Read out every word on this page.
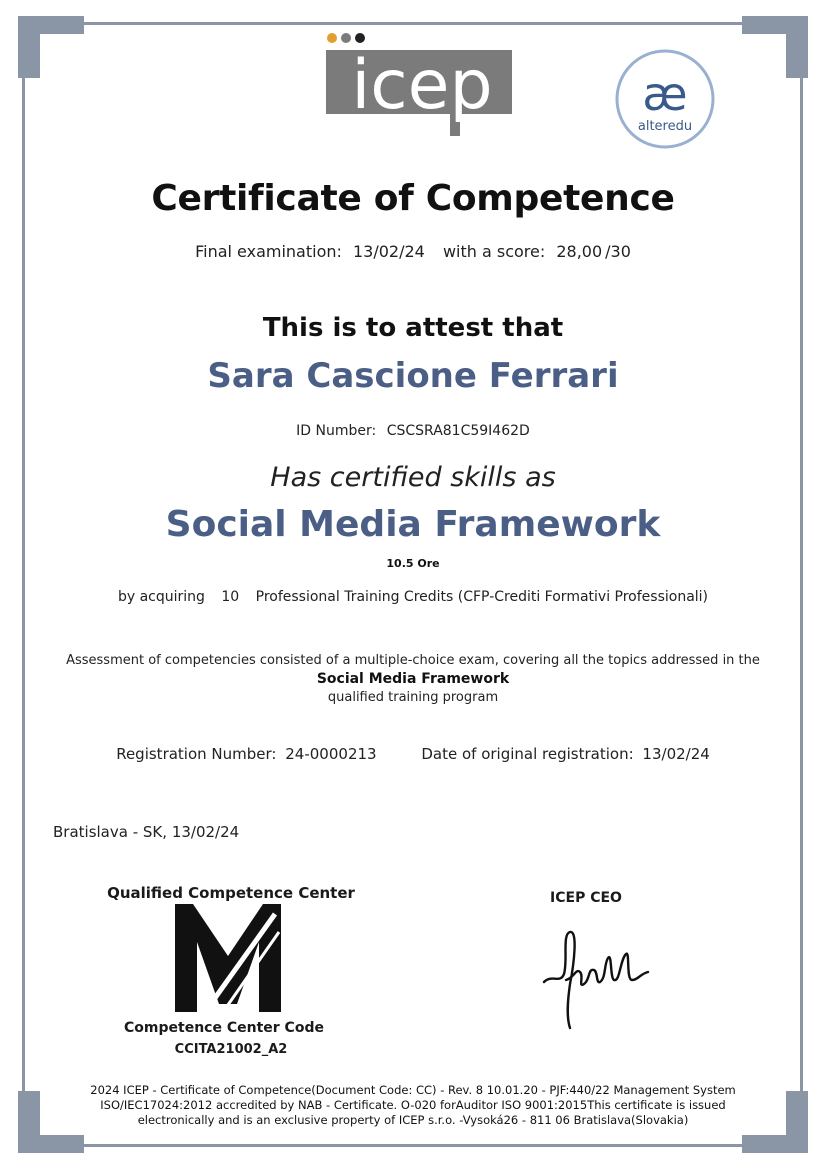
icep	æ
alteredu
Certificate of Competence
Final examination: 13/02/24 with a score: 28,00 /30
This is to attest that
Sara Cascione Ferrari
ID Number: CSCSRA81C59I462D
Has certified skills as
Social Media Framework
10.5 Ore
by acquiring 10 Professional Training Credits (CFP-Crediti Formativi Professionali)
Assessment of competencies consisted of a multiple-choice exam, covering all the topics addressed in the
Social Media Framework
qualified training program
Registration Number: 24-0000213	Date of original registration: 13/02/24
Bratislava - SK, 13/02/24
Qualified Competence Center
Competence Center Code
CCITA21002_A2
ICEP CEO
2024 ICEP - Certificate of Competence(Document Code: CC) - Rev. 8 10.01.20 - PJF:440/22 Management System
ISO/IEC17024:2012 accredited by NAB - Certificate. O-020 forAuditor ISO 9001:2015This certificate is issued
electronically and is an exclusive property of ICEP s.r.o. -Vysoká26 - 811 06 Bratislava(Slovakia)
